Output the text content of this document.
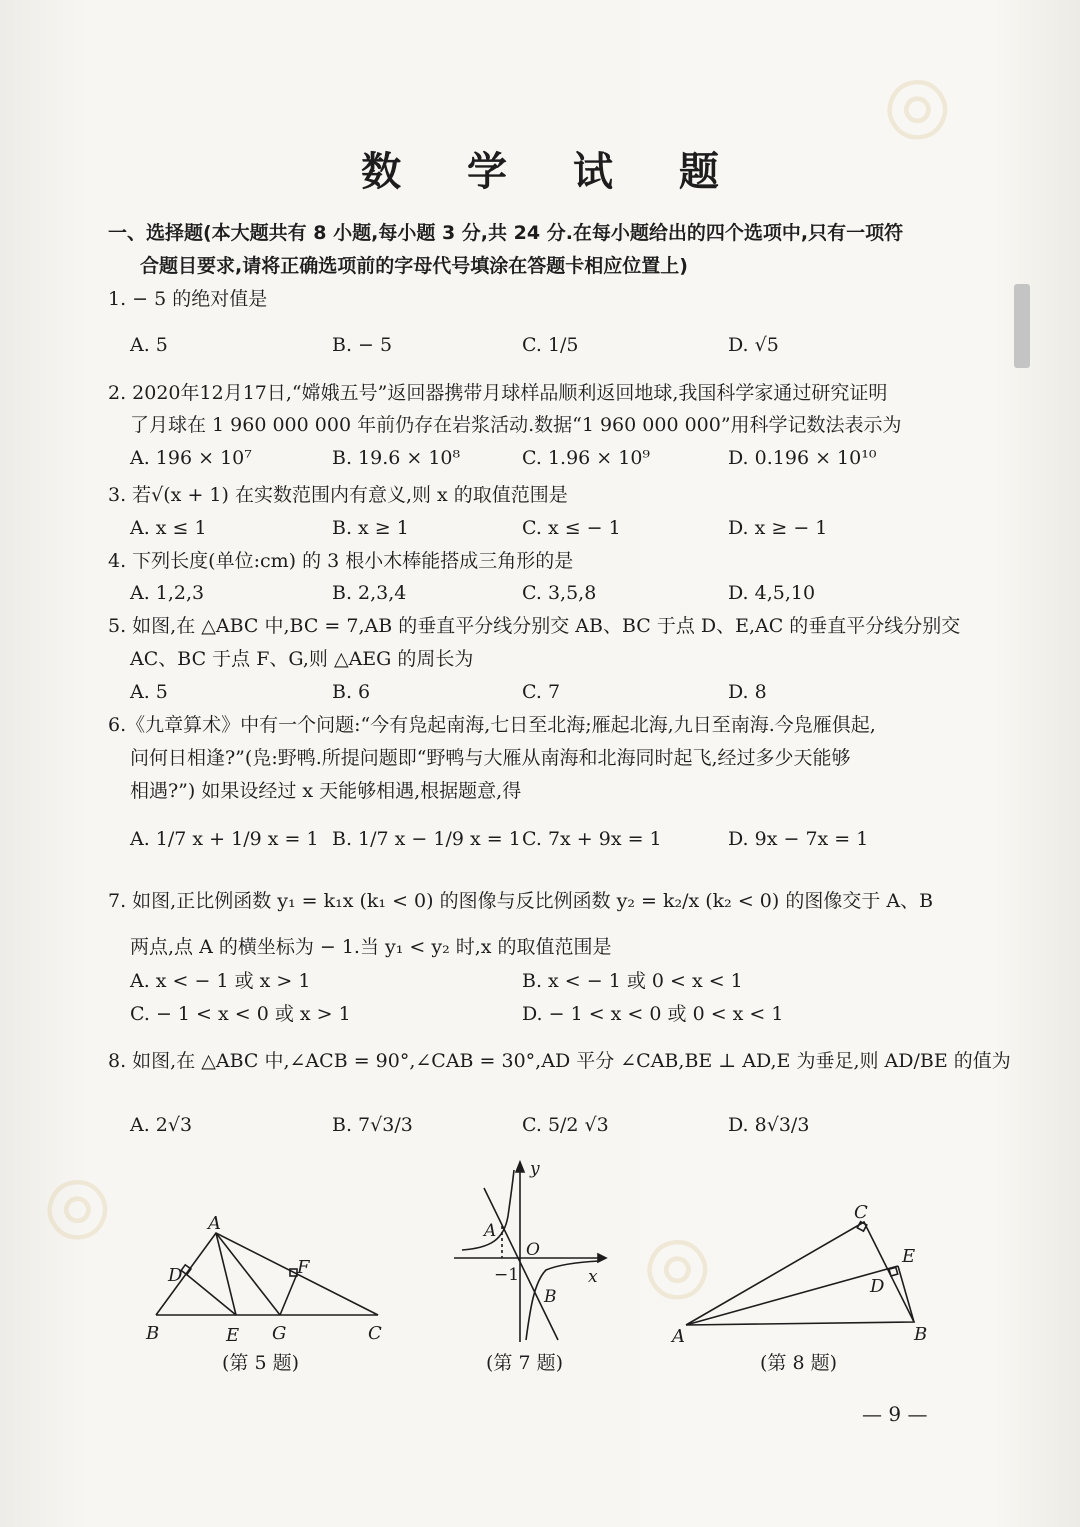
◎
◎
◎
数 学 试 题
一、选择题(本大题共有 8 小题,每小题 3 分,共 24 分.在每小题给出的四个选项中,只有一项符
合题目要求,请将正确选项前的字母代号填涂在答题卡相应位置上)
1. − 5 的绝对值是
A. 5	B. − 5	C. 1/5	D. √5
2. 2020年12月17日,“嫦娥五号”返回器携带月球样品顺利返回地球,我国科学家通过研究证明
了月球在 1 960 000 000 年前仍存在岩浆活动.数据“1 960 000 000”用科学记数法表示为
A. 196 × 10⁷	B. 19.6 × 10⁸	C. 1.96 × 10⁹	D. 0.196 × 10¹⁰
3. 若√(x + 1) 在实数范围内有意义,则 x 的取值范围是
A. x ≤ 1	B. x ≥ 1	C. x ≤ − 1	D. x ≥ − 1
4. 下列长度(单位:cm) 的 3 根小木棒能搭成三角形的是
A. 1,2,3	B. 2,3,4	C. 3,5,8	D. 4,5,10
5. 如图,在 △ABC 中,BC = 7,AB 的垂直平分线分别交 AB、BC 于点 D、E,AC 的垂直平分线分别交
AC、BC 于点 F、G,则 △AEG 的周长为
A. 5	B. 6	C. 7	D. 8
6.《九章算术》中有一个问题:“今有凫起南海,七日至北海;雁起北海,九日至南海.今凫雁俱起,
问何日相逢?”(凫:野鸭.所提问题即“野鸭与大雁从南海和北海同时起飞,经过多少天能够
相遇?”) 如果设经过 x 天能够相遇,根据题意,得
A. 1/7 x + 1/9 x = 1 B. 1/7 x − 1/9 x = 1 C. 7x + 9x = 1	D. 9x − 7x = 1
7. 如图,正比例函数 y₁ = k₁x (k₁ < 0) 的图像与反比例函数 y₂ = k₂/x (k₂ < 0) 的图像交于 A、B
两点,点 A 的横坐标为 − 1.当 y₁ < y₂ 时,x 的取值范围是
A. x < − 1 或 x > 1	B. x < − 1 或 0 < x < 1
C. − 1 < x < 0 或 x > 1	D. − 1 < x < 0 或 0 < x < 1
8. 如图,在 △ABC 中,∠ACB = 90°,∠CAB = 30°,AD 平分 ∠CAB,BE ⊥ AD,E 为垂足,则 AD/BE 的值为
A. 2√3	B. 7√3/3	C. 5/2 √3	D. 8√3/3
A
B	C
D
E
F
G
(第 5 题)
y
x
O
A
B
−1
(第 7 题)
A	B
C
D
E
(第 8 题)
— 9 —
